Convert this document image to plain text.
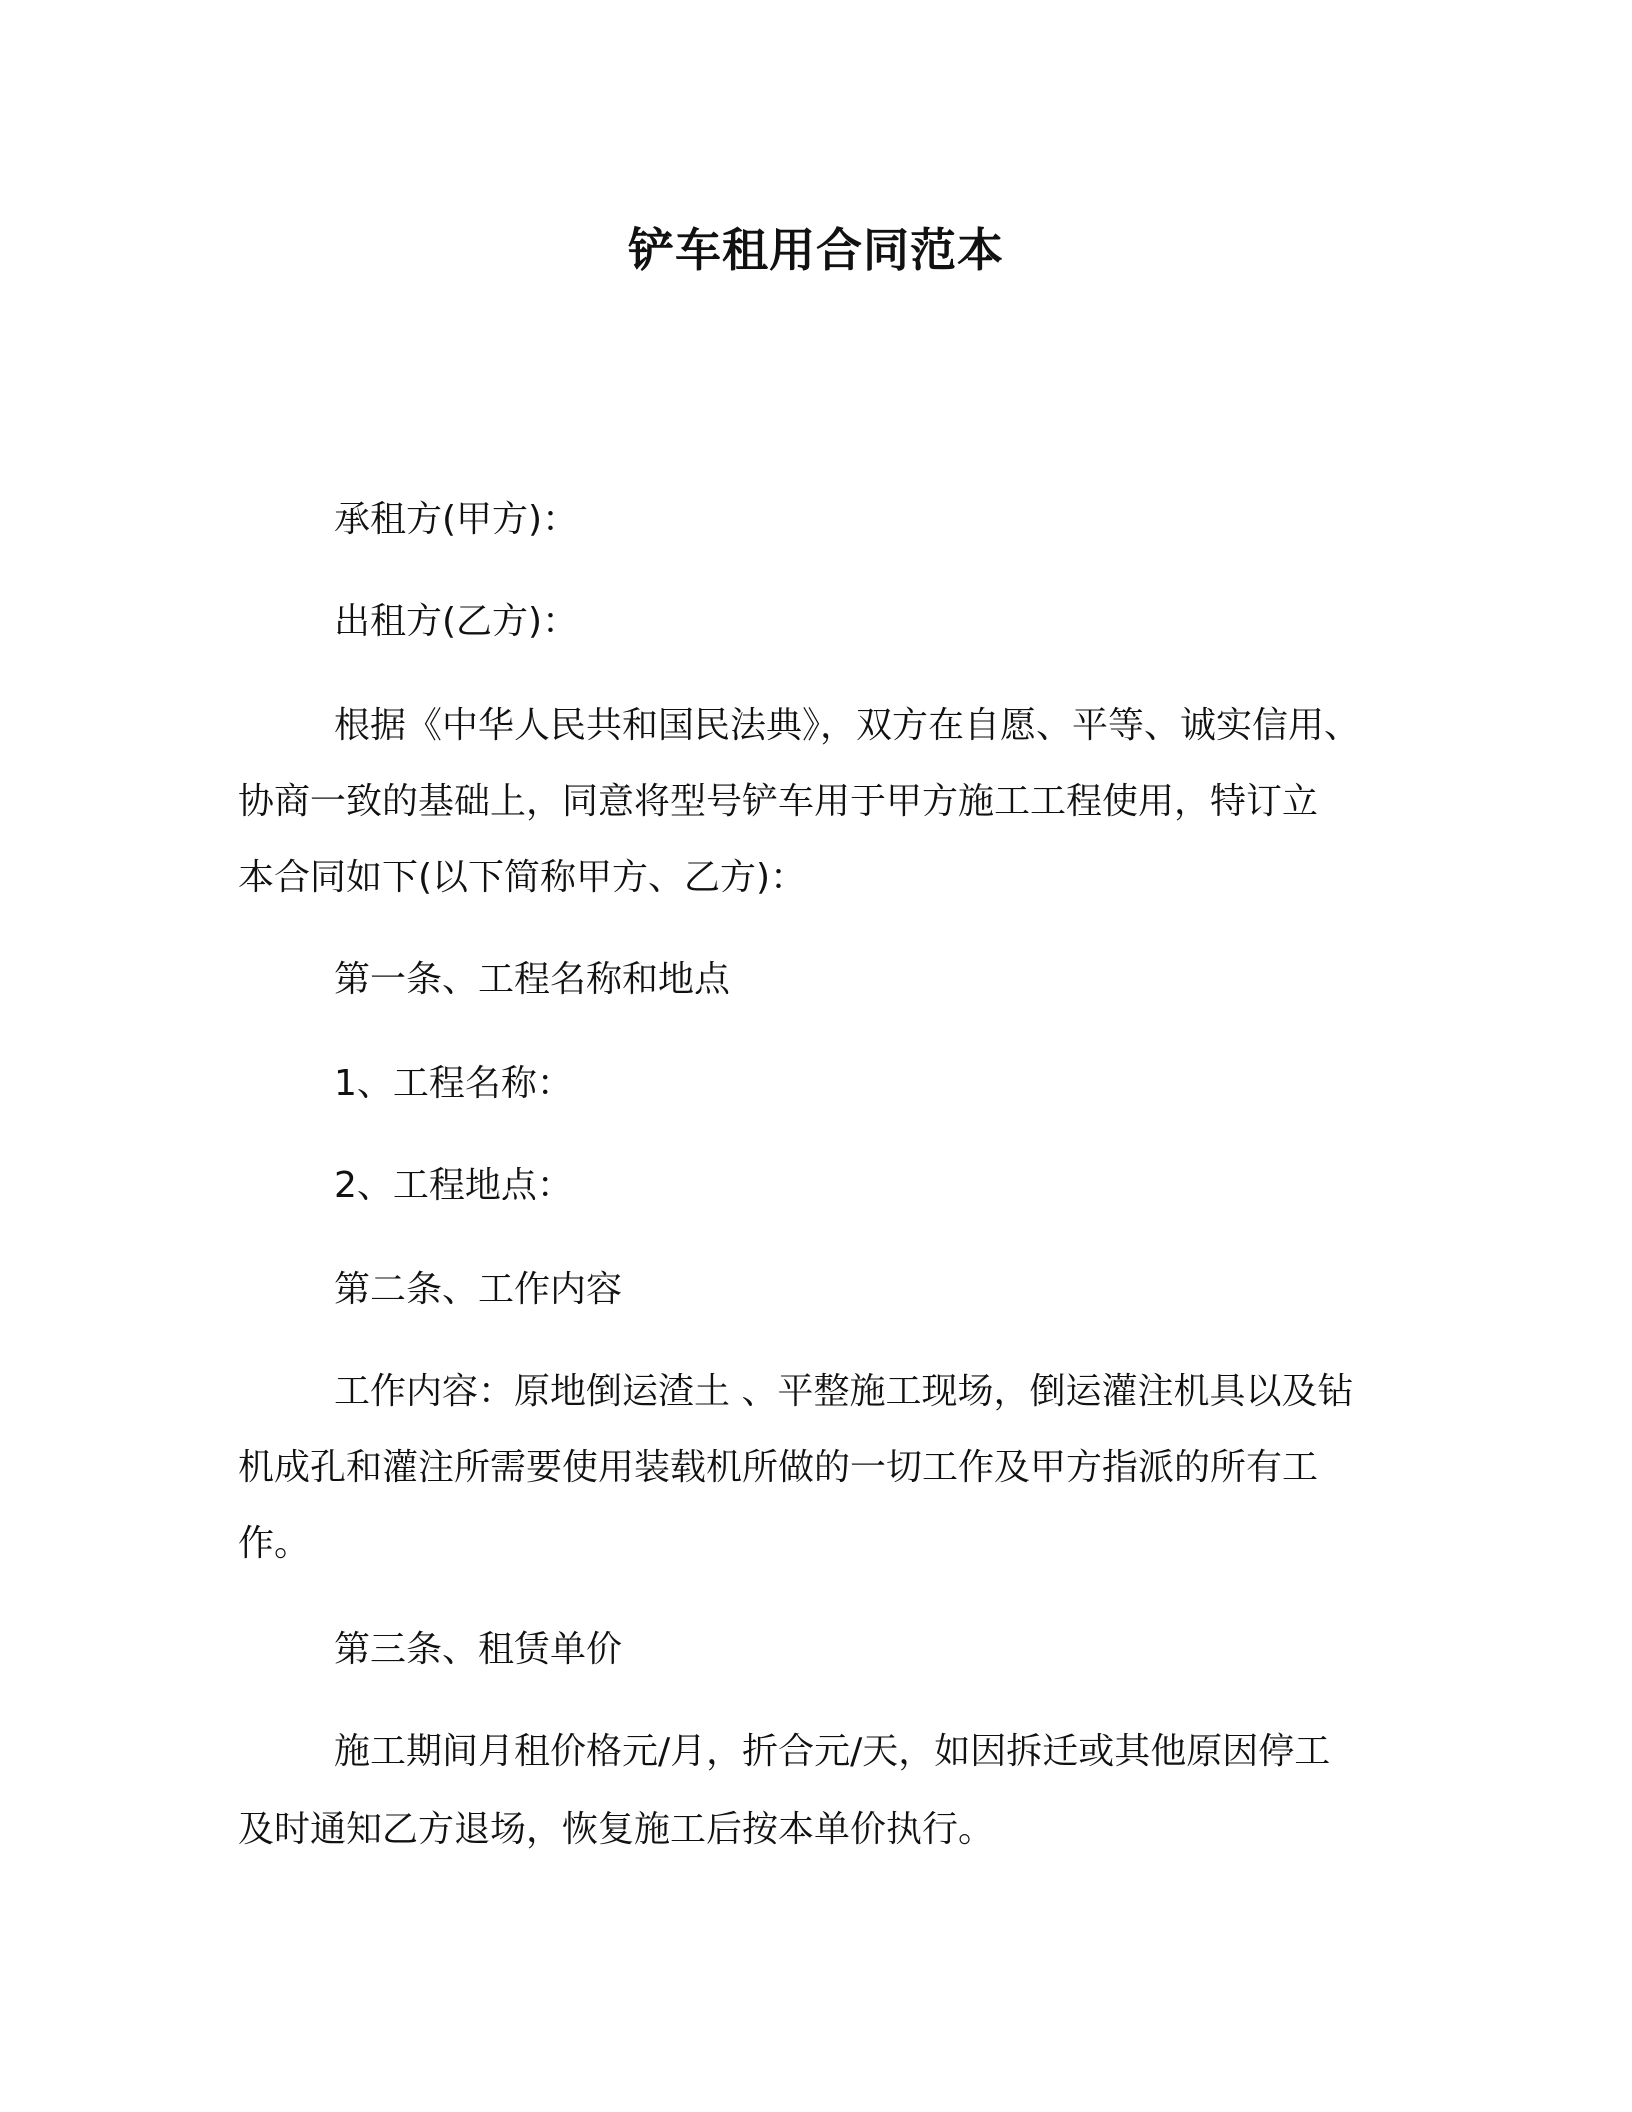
铲车租用合同范本

承租方(甲方)：

出租方(乙方)：

根据《中华人民共和国民法典》，双方在自愿、平等、诚实信用、

协商一致的基础上，同意将型号铲车用于甲方施工工程使用，特订立

本合同如下(以下简称甲方、乙方)：

第一条、工程名称和地点

1、工程名称：

2、工程地点：

第二条、工作内容

工作内容：原地倒运渣土 、平整施工现场，倒运灌注机具以及钻

机成孔和灌注所需要使用装载机所做的一切工作及甲方指派的所有工

作。

第三条、租赁单价

施工期间月租价格元/月，折合元/天，如因拆迁或其他原因停工

及时通知乙方退场，恢复施工后按本单价执行。
